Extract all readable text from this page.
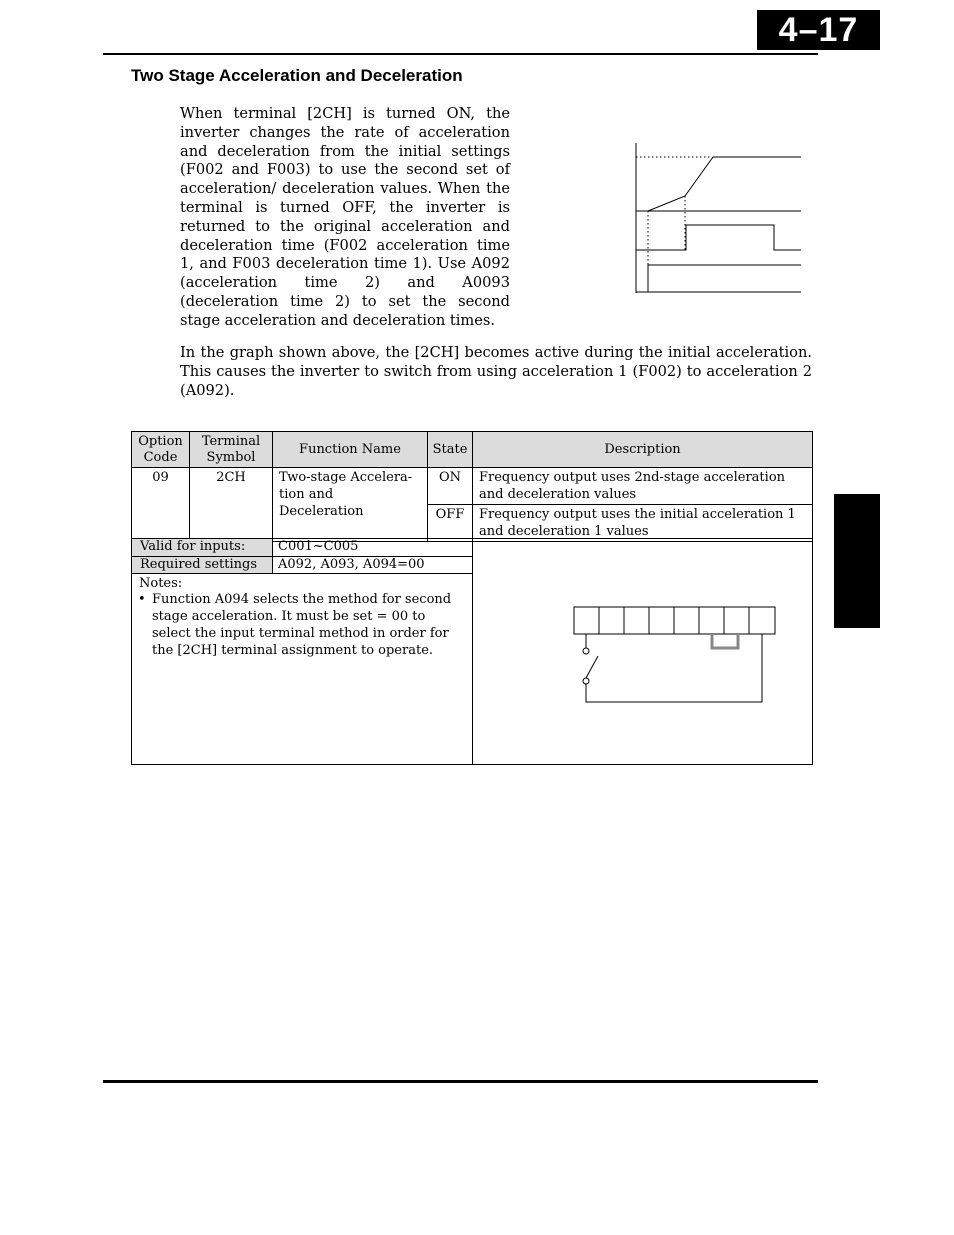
4–17
Two Stage Acceleration and Deceleration
When terminal [2CH] is turned ON, the inverter changes the rate of acceleration and deceleration from the initial settings (F002 and F003) to use the second set of acceleration/ deceleration values. When the terminal is turned OFF, the inverter is returned to the original acceleration and deceleration time (F002 acceleration time 1, and F003 deceleration time 1). Use A092 (acceleration time 2) and A0093 (deceleration time 2) to set the second stage acceleration and deceleration times.
In the graph shown above, the [2CH] becomes active during the initial acceleration. This causes the inverter to switch from using acceleration 1 (F002) to acceleration 2 (A092).
Option Code	Terminal Symbol	Function Name	State	Description
09	2CH	Two-stage Accelera-tion and Deceleration	ON	Frequency output uses 2nd-stage acceleration and deceleration values
			OFF	Frequency output uses the initial acceleration 1 and deceleration 1 values
Valid for inputs:	C001~C005
Required settings	A092, A093, A094=00
Notes:
• Function A094 selects the method for second stage acceleration. It must be set = 00 to select the input terminal method in order for the [2CH] terminal assignment to operate.
